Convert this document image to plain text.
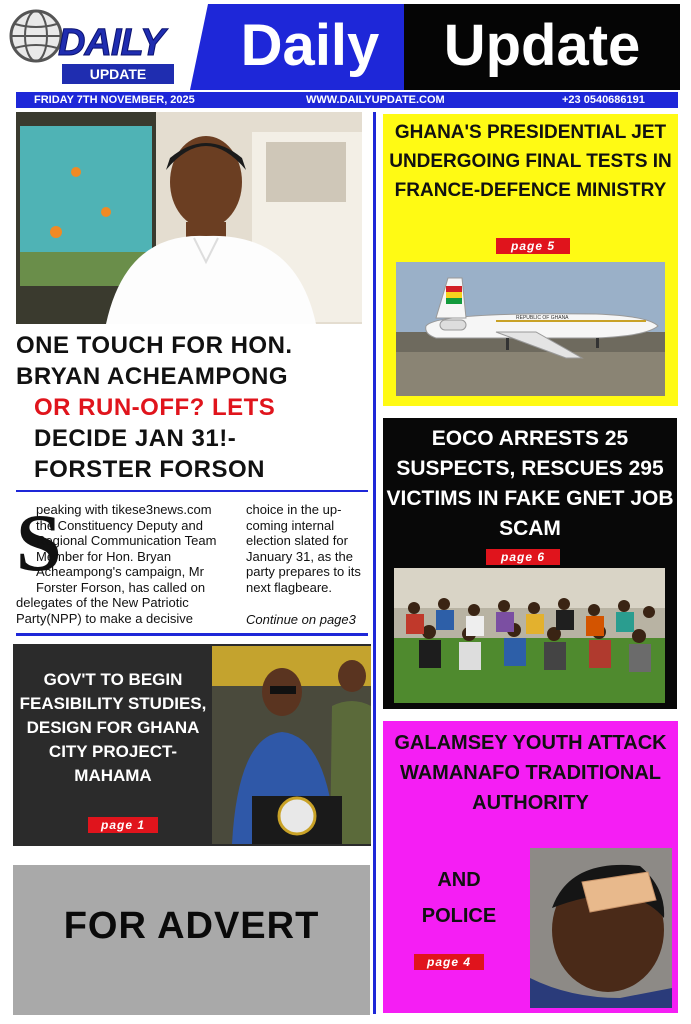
DAILY
UPDATE	Daily	Update
FRIDAY 7TH NOVEMBER, 2025	WWW.DAILYUPDATE.COM	+23 0540686191
ONE TOUCH FOR HON.
BRYAN ACHEAMPONG
OR RUN-OFF? LETS
DECIDE JAN 31!-
FORSTER FORSON
S
peaking with tikese3news.com the Constituency Deputy and Regional Communication Team Member for Hon. Bryan Acheampong's campaign, Mr Forster Forson, has called on
delegates of the New Patriotic Party(NPP) to make a decisive
choice in the up-coming internal election slated for January 31, as the party prepares to its next flagbeare.
Continue on page3
GOV'T TO BEGIN FEASIBILITY STUDIES, DESIGN FOR GHANA CITY PROJECT-MAHAMA
page 1
FOR ADVERT
GHANA'S PRESIDENTIAL JET UNDERGOING FINAL TESTS IN FRANCE-DEFENCE MINISTRY
page 5
REPUBLIC OF GHANA
EOCO ARRESTS 25 SUSPECTS, RESCUES 295 VICTIMS IN FAKE GNET JOB SCAM
page 6
GALAMSEY YOUTH ATTACK WAMANAFO TRADITIONAL AUTHORITY
AND
POLICE
page 4
